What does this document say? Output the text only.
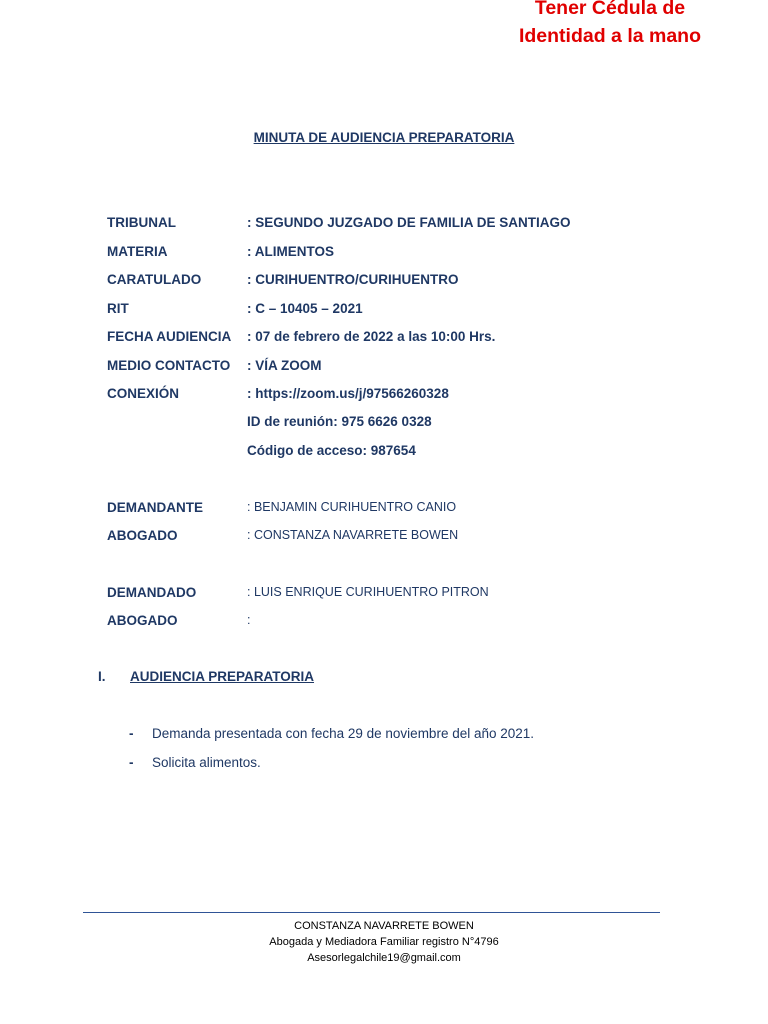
Tener Cédula de
Identidad a la mano
MINUTA DE AUDIENCIA PREPARATORIA
TRIBUNAL	: SEGUNDO JUZGADO DE FAMILIA DE SANTIAGO
MATERIA	: ALIMENTOS
CARATULADO	: CURIHUENTRO/CURIHUENTRO
RIT	: C – 10405 – 2021
FECHA AUDIENCIA : 07 de febrero de 2022 a las 10:00 Hrs.
MEDIO CONTACTO : VÍA ZOOM
CONEXIÓN	: https://zoom.us/j/97566260328
ID de reunión: 975 6626 0328
Código de acceso: 987654
DEMANDANTE	: BENJAMIN CURIHUENTRO CANIO
ABOGADO	: CONSTANZA NAVARRETE BOWEN
DEMANDADO	: LUIS ENRIQUE CURIHUENTRO PITRON
ABOGADO	:
I. AUDIENCIA PREPARATORIA
- Demanda presentada con fecha 29 de noviembre del año 2021.
- Solicita alimentos.
CONSTANZA NAVARRETE BOWEN
Abogada y Mediadora Familiar registro N°4796
Asesorlegalchile19@gmail.com
